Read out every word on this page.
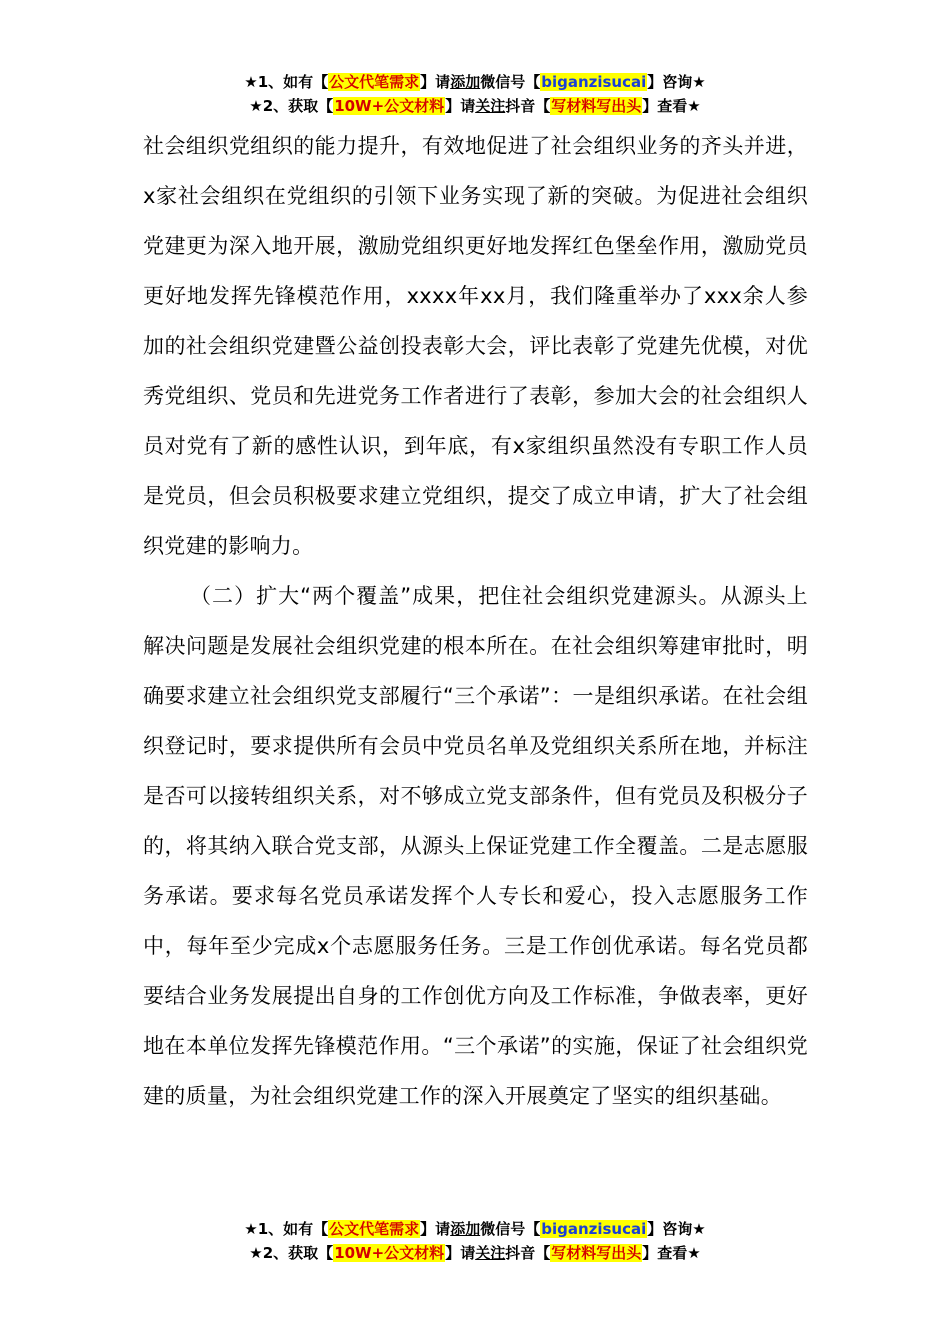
★1、如有【公文代笔需求】请添加微信号【biganzisucai】咨询★
★2、获取【10W+公文材料】请关注抖音【写材料写出头】查看★

社会组织党组织的能力提升，有效地促进了社会组织业务的齐头并进，x家社会组织在党组织的引领下业务实现了新的突破。为促进社会组织党建更为深入地开展，激励党组织更好地发挥红色堡垒作用，激励党员更好地发挥先锋模范作用，xxxx年xx月，我们隆重举办了xxx余人参加的社会组织党建暨公益创投表彰大会，评比表彰了党建先优模，对优秀党组织、党员和先进党务工作者进行了表彰，参加大会的社会组织人员对党有了新的感性认识，到年底，有x家组织虽然没有专职工作人员是党员，但会员积极要求建立党组织，提交了成立申请，扩大了社会组织党建的影响力。

（二）扩大“两个覆盖”成果，把住社会组织党建源头。从源头上解决问题是发展社会组织党建的根本所在。在社会组织筹建审批时，明确要求建立社会组织党支部履行“三个承诺”：一是组织承诺。在社会组织登记时，要求提供所有会员中党员名单及党组织关系所在地，并标注是否可以接转组织关系，对不够成立党支部条件，但有党员及积极分子的，将其纳入联合党支部，从源头上保证党建工作全覆盖。二是志愿服务承诺。要求每名党员承诺发挥个人专长和爱心，投入志愿服务工作中，每年至少完成x个志愿服务任务。三是工作创优承诺。每名党员都要结合业务发展提出自身的工作创优方向及工作标准，争做表率，更好地在本单位发挥先锋模范作用。“三个承诺”的实施，保证了社会组织党建的质量，为社会组织党建工作的深入开展奠定了坚实的组织基础。

★1、如有【公文代笔需求】请添加微信号【biganzisucai】咨询★
★2、获取【10W+公文材料】请关注抖音【写材料写出头】查看★
